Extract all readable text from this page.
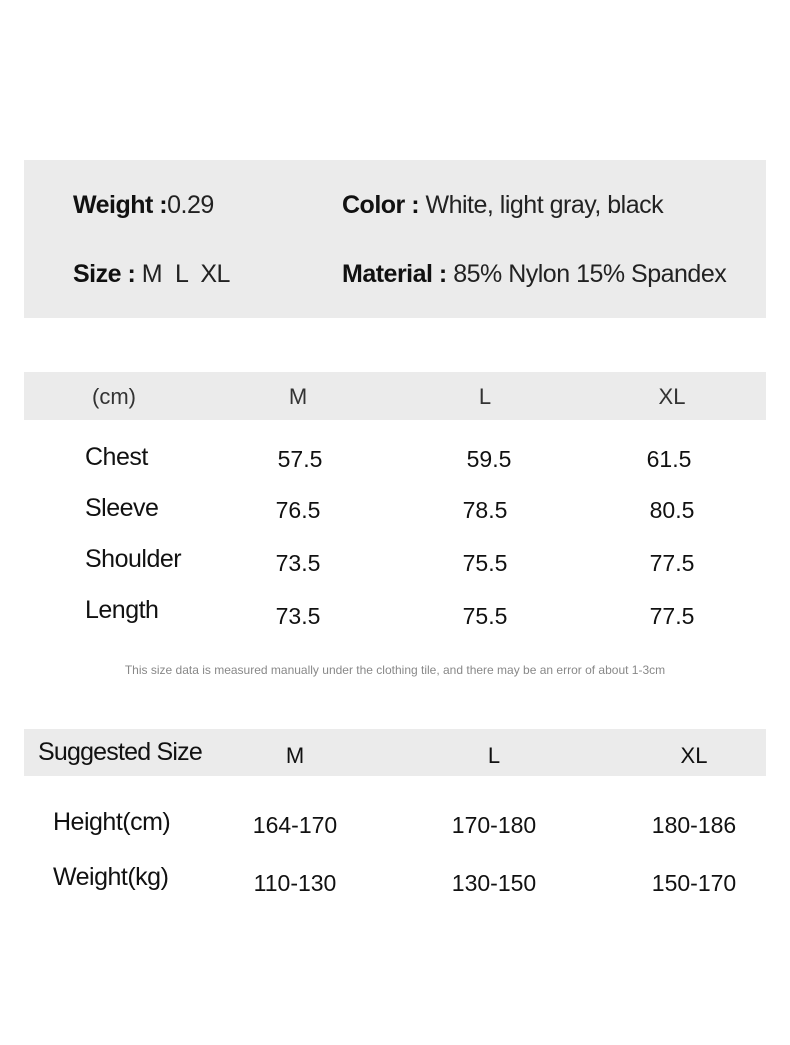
Weight :0.29	Color : White, light gray, black
Size : M  L  XL	Material : 85% Nylon 15% Spandex
(cm)	M	L	XL
Chest	57.5	59.5	61.5
Sleeve	76.5	78.5	80.5
Shoulder	73.5	75.5	77.5
Length	73.5	75.5	77.5
This size data is measured manually under the clothing tile, and there may be an error of about 1-3cm
Suggested Size	M	L	XL
Height(cm)	164-170	170-180	180-186
Weight(kg)	110-130	130-150	150-170
